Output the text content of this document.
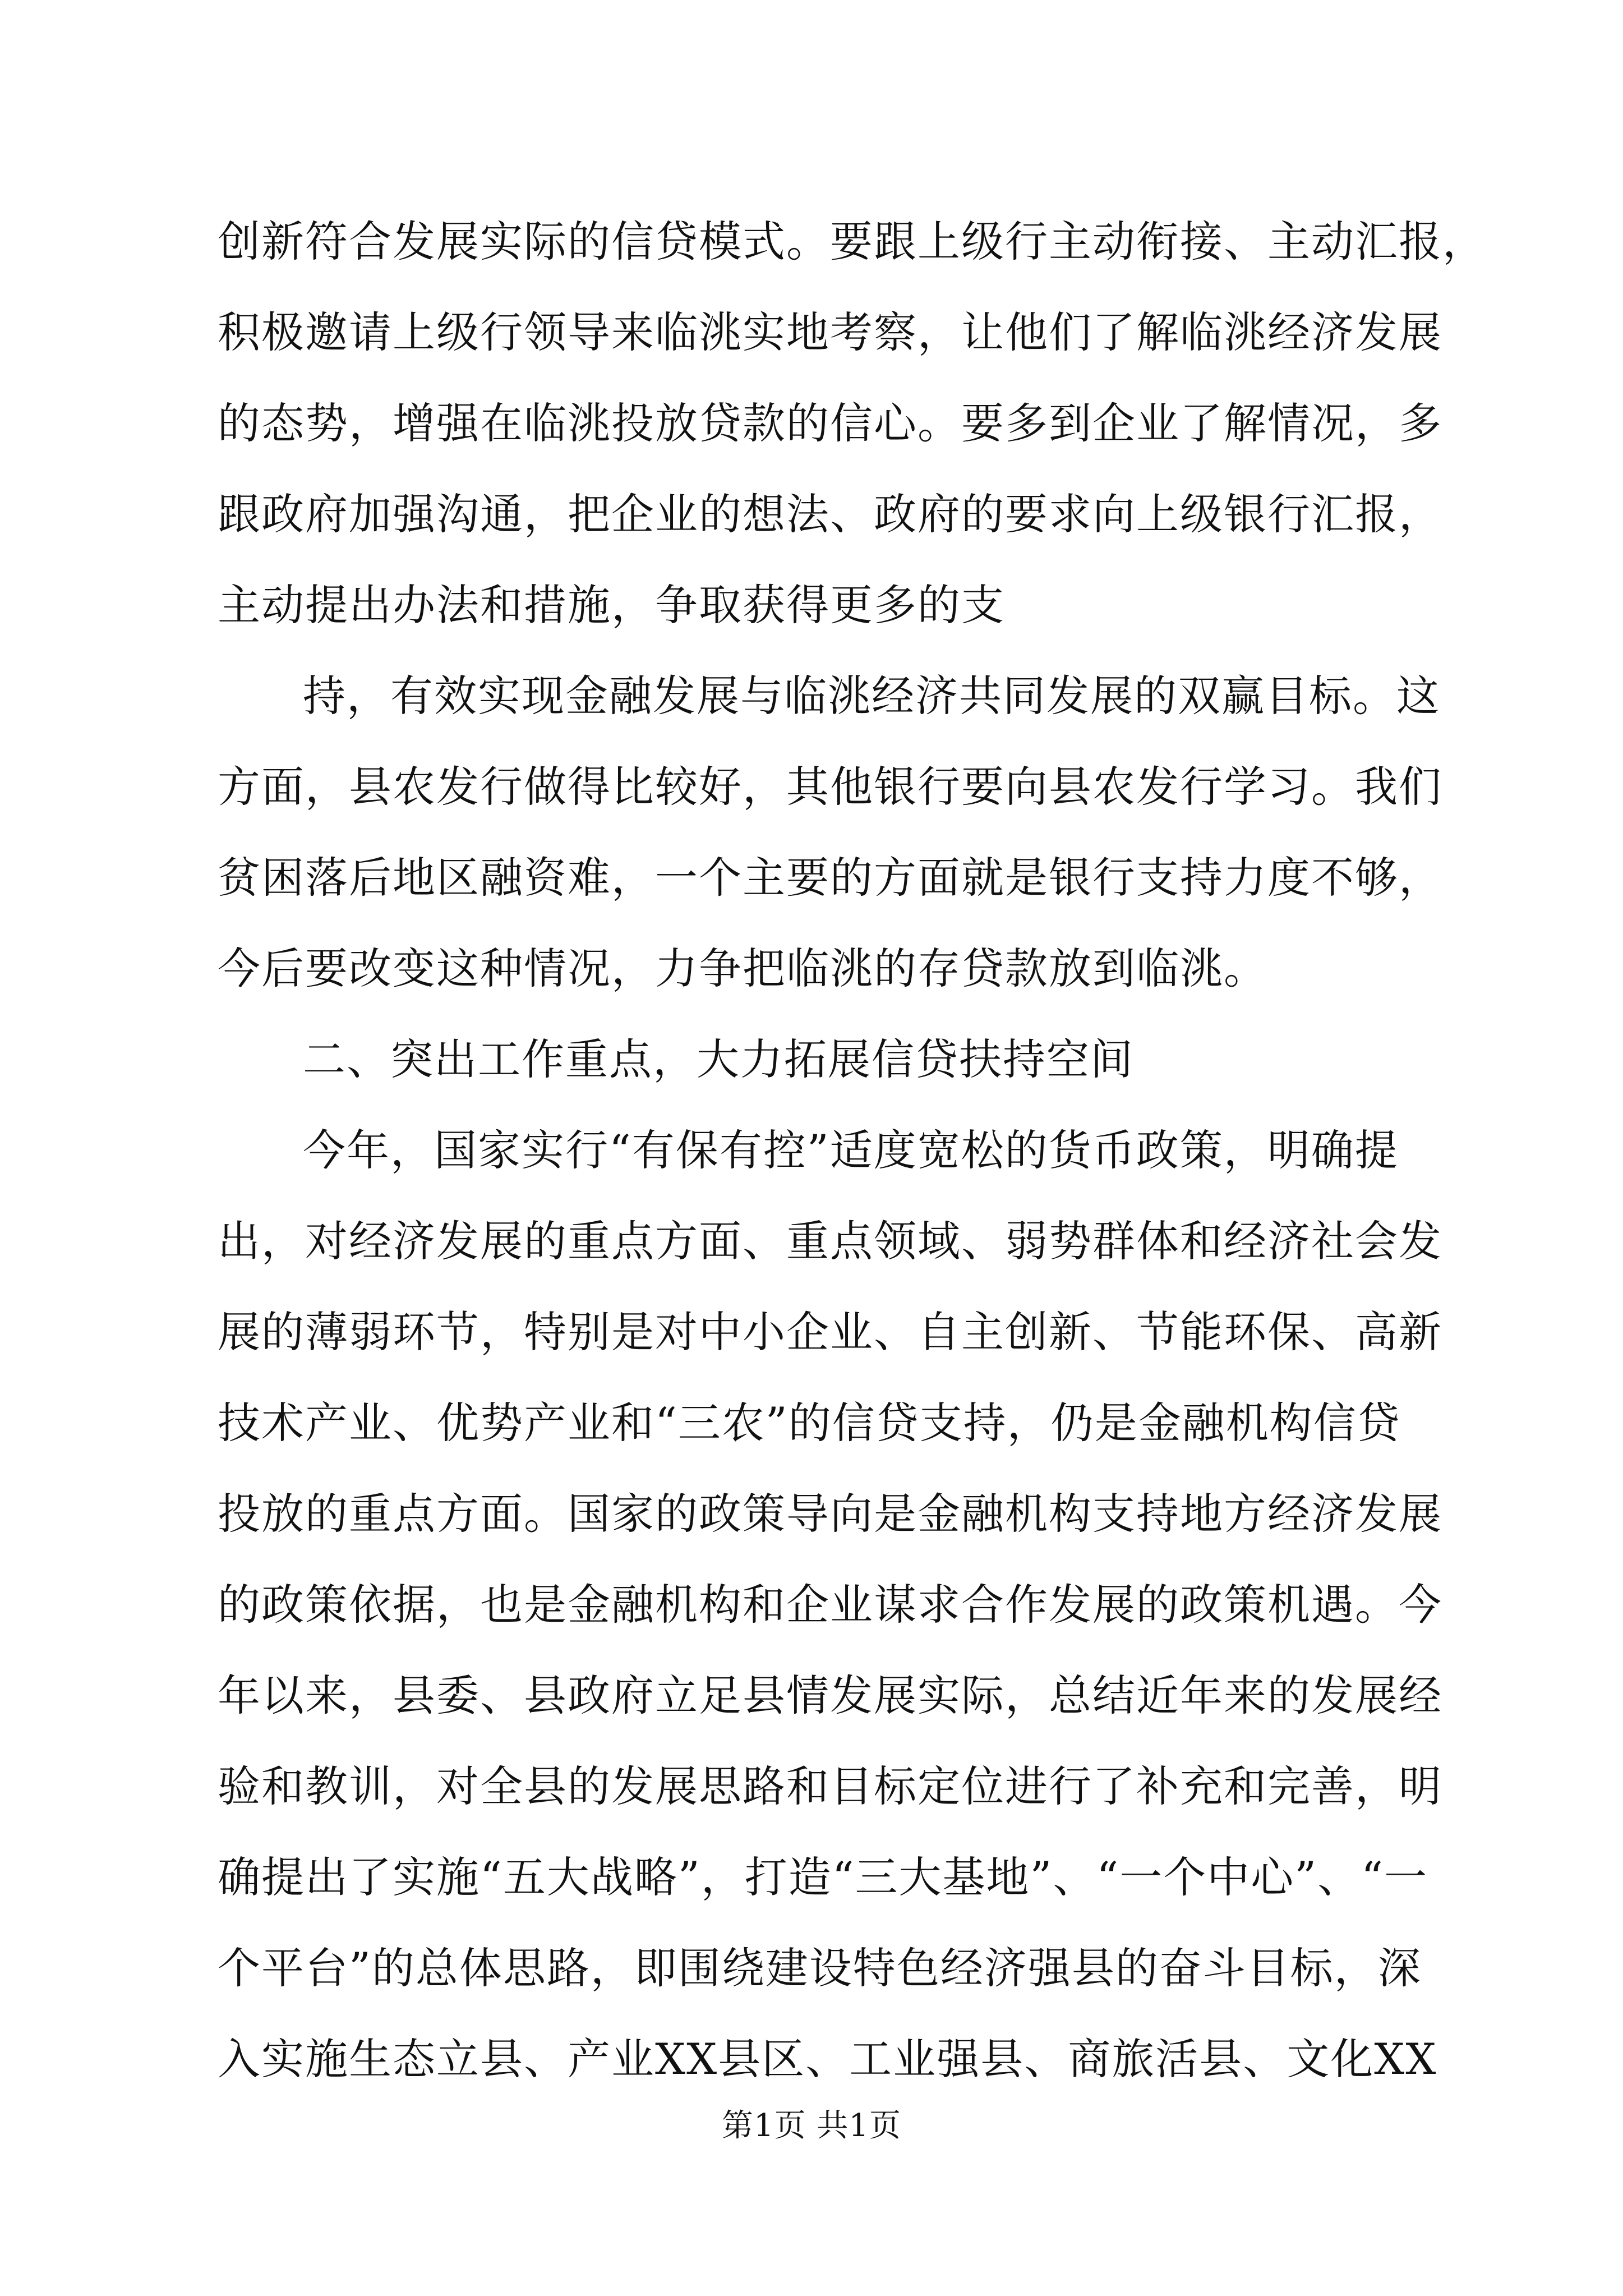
创新符合发展实际的信贷模式。要跟上级行主动衔接、主动汇报，
积极邀请上级行领导来临洮实地考察，让他们了解临洮经济发展
的态势，增强在临洮投放贷款的信心。要多到企业了解情况，多
跟政府加强沟通，把企业的想法、政府的要求向上级银行汇报，
主动提出办法和措施，争取获得更多的支
持，有效实现金融发展与临洮经济共同发展的双赢目标。这
方面，县农发行做得比较好，其他银行要向县农发行学习。我们
贫困落后地区融资难，一个主要的方面就是银行支持力度不够，
今后要改变这种情况，力争把临洮的存贷款放到临洮。
二、突出工作重点，大力拓展信贷扶持空间
今年，国家实行“有保有控”适度宽松的货币政策，明确提
出，对经济发展的重点方面、重点领域、弱势群体和经济社会发
展的薄弱环节，特别是对中小企业、自主创新、节能环保、高新
技术产业、优势产业和“三农”的信贷支持，仍是金融机构信贷
投放的重点方面。国家的政策导向是金融机构支持地方经济发展
的政策依据，也是金融机构和企业谋求合作发展的政策机遇。今
年以来，县委、县政府立足县情发展实际，总结近年来的发展经
验和教训，对全县的发展思路和目标定位进行了补充和完善，明
确提出了实施“五大战略”，打造“三大基地”、“一个中心”、“一
个平台”的总体思路，即围绕建设特色经济强县的奋斗目标，深
入实施生态立县、产业XX县区、工业强县、商旅活县、文化XX
第1页 共1页
